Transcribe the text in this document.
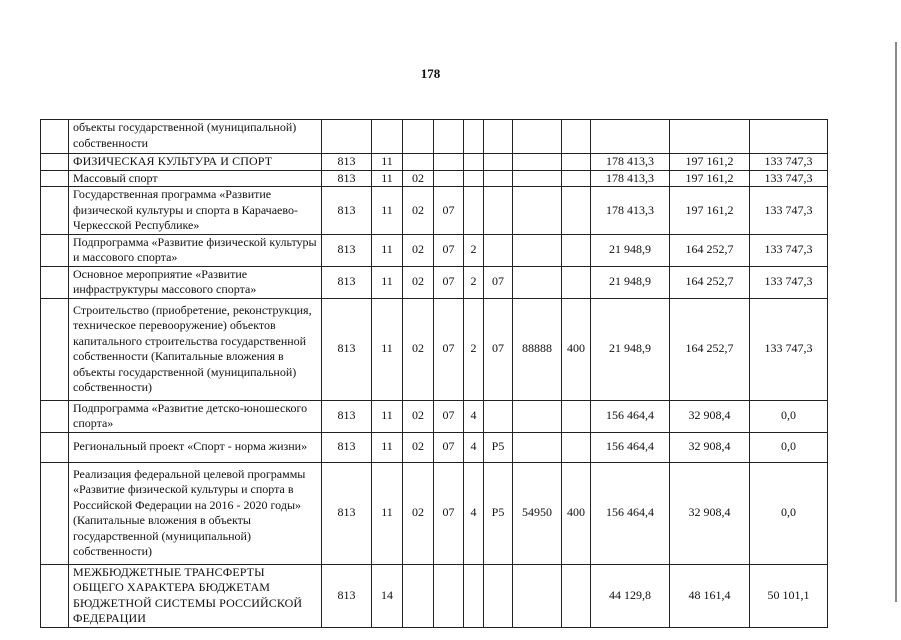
178
	объекты государственной (муниципальной) собственности											
	ФИЗИЧЕСКАЯ КУЛЬТУРА И СПОРТ	813	11							178 413,3	197 161,2	133 747,3
	Массовый спорт	813	11	02						178 413,3	197 161,2	133 747,3
	Государственная программа «Развитие физической культуры и спорта в Карачаево-Черкесской Республике»	813	11	02	07					178 413,3	197 161,2	133 747,3
	Подпрограмма «Развитие физической культуры и массового спорта»	813	11	02	07	2				21 948,9	164 252,7	133 747,3
	Основное мероприятие «Развитие инфраструктуры массового спорта»	813	11	02	07	2	07			21 948,9	164 252,7	133 747,3
	Строительство (приобретение, реконструкция, техническое перевооружение) объектов капитального строительства государственной собственности (Капитальные вложения в объекты государственной (муниципальной) собственности)	813	11	02	07	2	07	88888	400	21 948,9	164 252,7	133 747,3
	Подпрограмма «Развитие детско-юношеского спорта»	813	11	02	07	4				156 464,4	32 908,4	0,0
	Региональный проект «Спорт - норма жизни»	813	11	02	07	4	P5			156 464,4	32 908,4	0,0
	Реализация федеральной целевой программы «Развитие физической культуры и спорта в Российской Федерации на 2016 - 2020 годы» (Капитальные вложения в объекты государственной (муниципальной) собственности)	813	11	02	07	4	P5	54950	400	156 464,4	32 908,4	0,0
	МЕЖБЮДЖЕТНЫЕ ТРАНСФЕРТЫ ОБЩЕГО ХАРАКТЕРА БЮДЖЕТАМ БЮДЖЕТНОЙ СИСТЕМЫ РОССИЙСКОЙ ФЕДЕРАЦИИ	813	14							44 129,8	48 161,4	50 101,1
